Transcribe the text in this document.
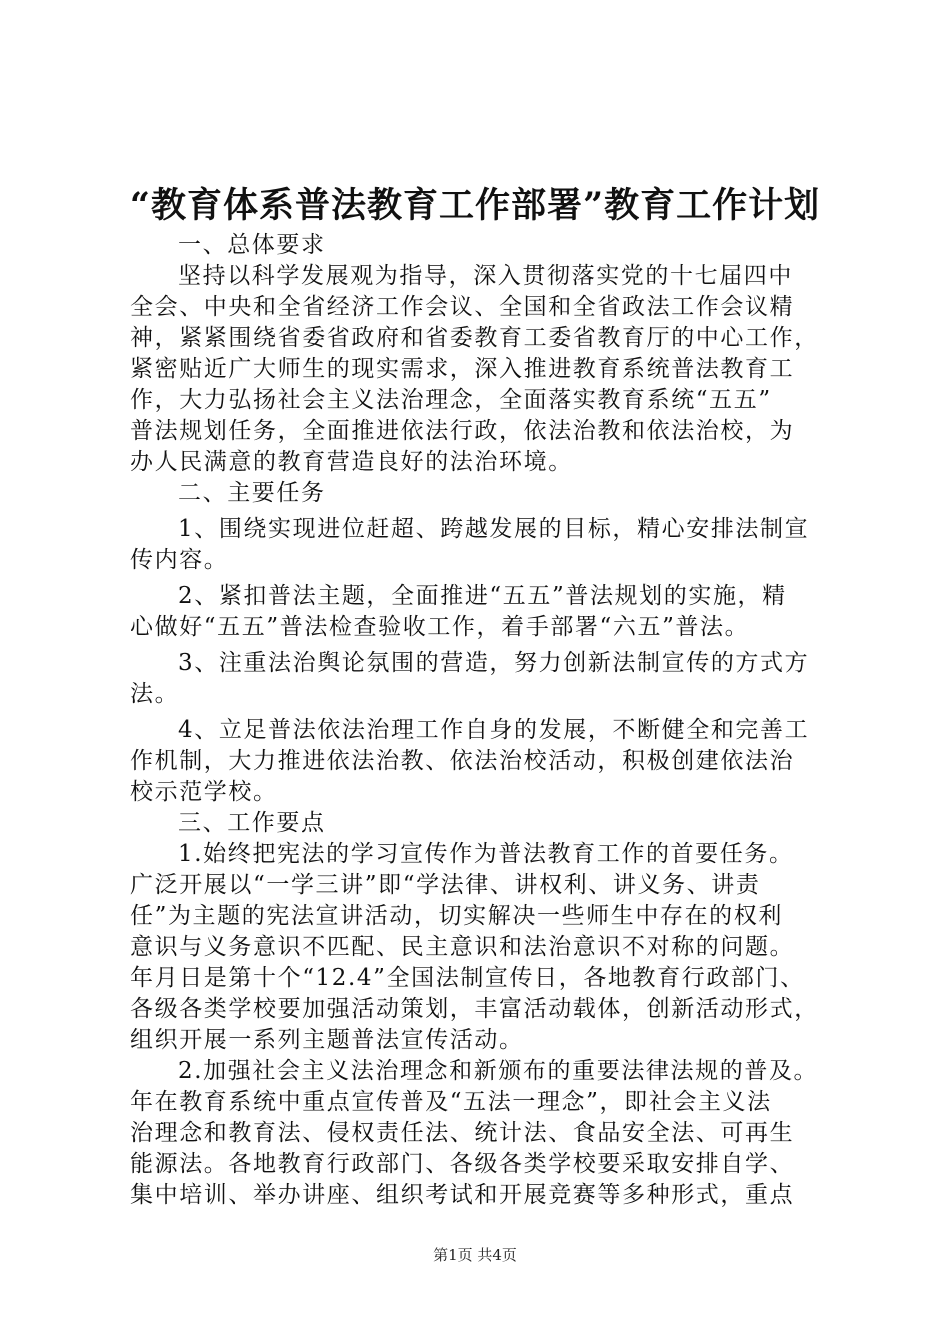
“教育体系普法教育工作部署”教育工作计划
一、总体要求
坚持以科学发展观为指导，深入贯彻落实党的十七届四中
全会、中央和全省经济工作会议、全国和全省政法工作会议精
神，紧紧围绕省委省政府和省委教育工委省教育厅的中心工作，
紧密贴近广大师生的现实需求，深入推进教育系统普法教育工
作，大力弘扬社会主义法治理念，全面落实教育系统“五五”
普法规划任务，全面推进依法行政，依法治教和依法治校，为
办人民满意的教育营造良好的法治环境。
二、主要任务
1、围绕实现进位赶超、跨越发展的目标，精心安排法制宣
传内容。
2、紧扣普法主题，全面推进“五五”普法规划的实施，精
心做好“五五”普法检查验收工作，着手部署“六五”普法。
3、注重法治舆论氛围的营造，努力创新法制宣传的方式方
法。
4、立足普法依法治理工作自身的发展，不断健全和完善工
作机制，大力推进依法治教、依法治校活动，积极创建依法治
校示范学校。
三、工作要点
1.始终把宪法的学习宣传作为普法教育工作的首要任务。
广泛开展以“一学三讲”即“学法律、讲权利、讲义务、讲责
任”为主题的宪法宣讲活动，切实解决一些师生中存在的权利
意识与义务意识不匹配、民主意识和法治意识不对称的问题。
年月日是第十个“12.4”全国法制宣传日，各地教育行政部门、
各级各类学校要加强活动策划，丰富活动载体，创新活动形式，
组织开展一系列主题普法宣传活动。
2.加强社会主义法治理念和新颁布的重要法律法规的普及。
年在教育系统中重点宣传普及“五法一理念”，即社会主义法
治理念和教育法、侵权责任法、统计法、食品安全法、可再生
能源法。各地教育行政部门、各级各类学校要采取安排自学、
集中培训、举办讲座、组织考试和开展竞赛等多种形式，重点
第1页 共4页
